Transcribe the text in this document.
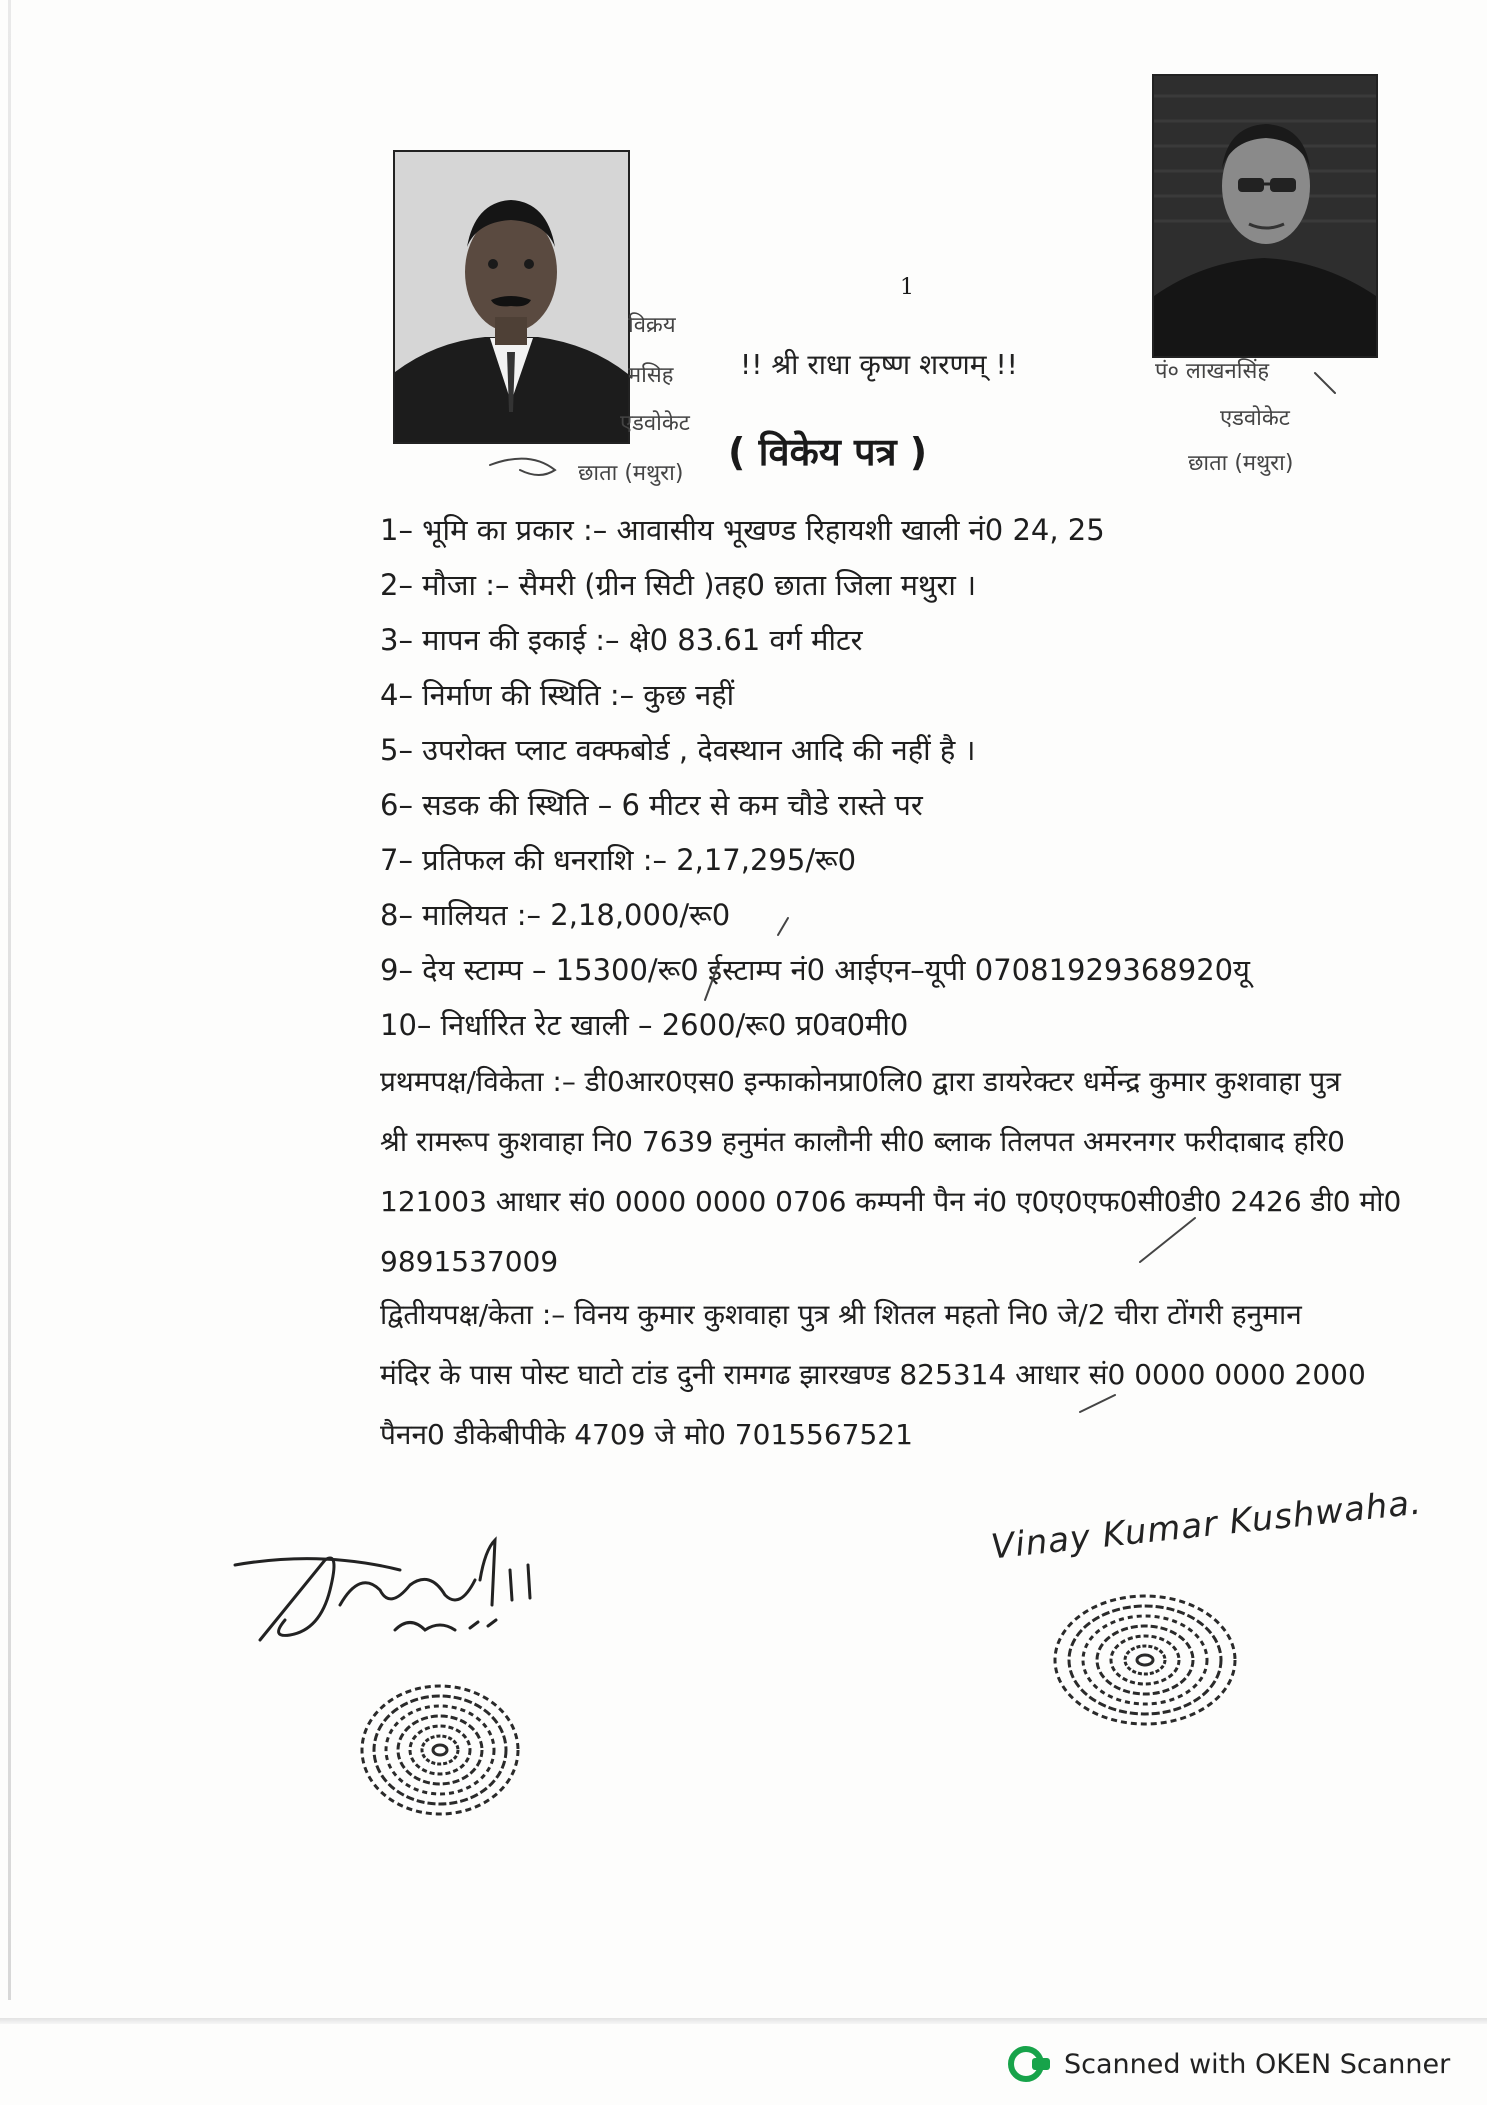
विक्रय
मसिह
एडवोकेट
छाता (मथुरा)
पं० लाखनसिंह
एडवोकेट
छाता (मथुरा)
1
!! श्री राधा कृष्ण शरणम् !!
( विकेय पत्र )
1– भूमि का प्रकार :– आवासीय भूखण्ड रिहायशी खाली नं0 24, 25
2– मौजा :– सैमरी (ग्रीन सिटी )तह0 छाता जिला मथुरा ।
3– मापन की इकाई :– क्षे0 83.61 वर्ग मीटर
4– निर्माण की स्थिति :– कुछ नहीं
5– उपरोक्त प्लाट वक्फबोर्ड , देवस्थान आदि की नहीं है ।
6– सडक की स्थिति – 6 मीटर से कम चौडे रास्ते पर
7– प्रतिफल की धनराशि :– 2,17,295/रू0
8– मालियत :– 2,18,000/रू0
9– देय स्टाम्प – 15300/रू0 ईस्टाम्प नं0 आईएन–यूपी 07081929368920यू
10– निर्धारित रेट खाली – 2600/रू0 प्र0व0मी0
प्रथमपक्ष/विकेता :– डी0आर0एस0 इन्फाकोनप्रा0लि0 द्वारा डायरेक्टर धर्मेन्द्र कुमार कुशवाहा पुत्र
श्री रामरूप कुशवाहा नि0 7639 हनुमंत कालौनी सी0 ब्लाक तिलपत अमरनगर फरीदाबाद हरि0
121003 आधार सं0 0000 0000 0706 कम्पनी पैन नं0 ए0ए0एफ0सी0डी0 2426 डी0 मो0
9891537009
द्वितीयपक्ष/केता :– विनय कुमार कुशवाहा पुत्र श्री शितल महतो नि0 जे/2 चीरा टोंगरी हनुमान
मंदिर के पास पोस्ट घाटो टांड दुनी रामगढ झारखण्ड 825314 आधार सं0 0000 0000 2000
पैनन0 डीकेबीपीके 4709 जे मो0 7015567521
Vinay Kumar Kushwaha.
Scanned with OKEN Scanner
